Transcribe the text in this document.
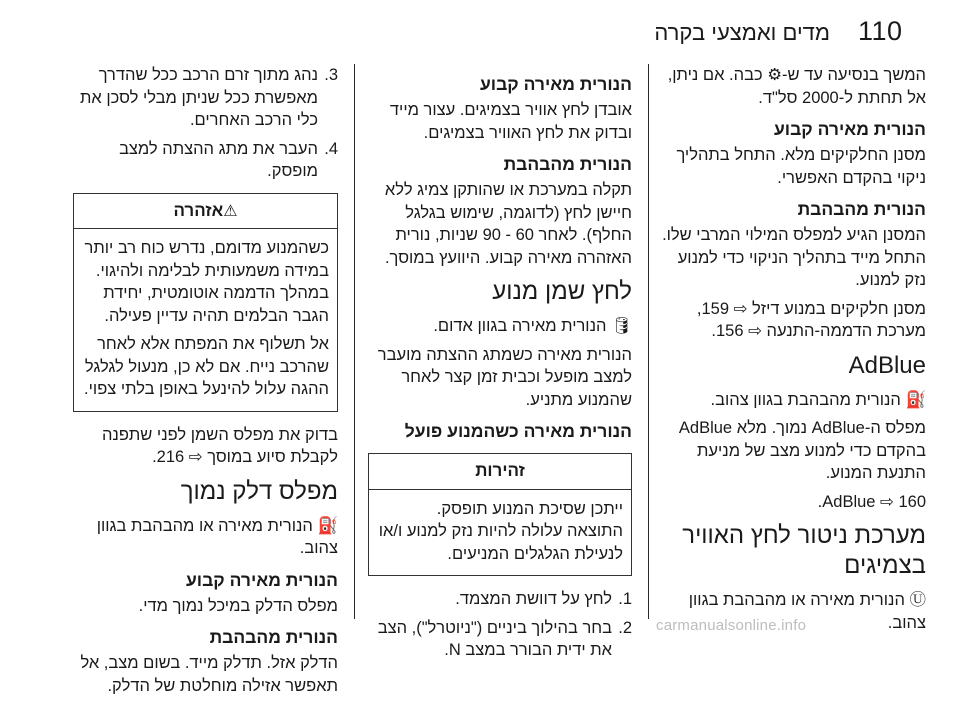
110
מדים ואמצעי בקרה

המשך בנסיעה עד ש-⚙ כבה. אם ניתן, אל תחתת ל-2000 סל"ד.

הנורית מאירה קבוע

מסנן החלקיקים מלא. התחל בתהליך ניקוי בהקדם האפשרי.

הנורית מהבהבת

המסנן הגיע למפלס המילוי המרבי שלו. התחל מייד בתהליך הניקוי כדי למנוע נזק למנוע.

מסנן חלקיקים במנוע דיזל ⇨ 159, מערכת הדממה-התנעה ⇨ 156.

AdBlue

⛽ הנורית מהבהבת בגוון צהוב.

מפלס ה-AdBlue נמוך. מלא AdBlue בהקדם כדי למנוע מצב של מניעת התנעת המנוע.

AdBlue ⇨ 160.

מערכת ניטור לחץ האוויר בצמיגים

Ⓤ הנורית מאירה או מהבהבת בגוון צהוב.

הנורית מאירה קבוע

אובדן לחץ אוויר בצמיגים. עצור מייד ובדוק את לחץ האוויר בצמיגים.

הנורית מהבהבת

תקלה במערכת או שהותקן צמיג ללא חיישן לחץ (לדוגמה, שימוש בגלגל החלף). לאחר 60 - 90 שניות, נורית האזהרה מאירה קבוע. היוועץ במוסך.

לחץ שמן מנוע

🛢 הנורית מאירה בגוון אדום.

הנורית מאירה כשמתג ההצתה מועבר למצב מופעל וכבית זמן קצר לאחר שהמנוע מתניע.

הנורית מאירה כשהמנוע פועל
זהירות

ייתכן שסיכת המנוע תופסק. התוצאה עלולה להיות נזק למנוע ו/או לנעילת הגלגלים המניעים.

1.
לחץ על דוושת המצמד.
2.
בחר בהילוך ביניים ("ניוטרל"), הצב את ידית הבורר במצב N.
3.
נהג מתוך זרם הרכב ככל שהדרך מאפשרת ככל שניתן מבלי לסכן את כלי הרכב האחרים.
4.
העבר את מתג ההצתה למצב מופסק.
⚠אזהרה

כשהמנוע מדומם, נדרש כוח רב יותר במידה משמעותית לבלימה ולהיגוי. במהלך הדממה אוטומטית, יחידת הגבר הבלמים תהיה עדיין פעילה.

אל תשלוף את המפתח אלא לאחר שהרכב נייח. אם לא כן, מנעול לגלגל ההגה עלול להינעל באופן בלתי צפוי.

בדוק את מפלס השמן לפני שתפנה לקבלת סיוע במוסך ⇨ 216.

מפלס דלק נמוך

⛽ הנורית מאירה או מהבהבת בגוון צהוב.

הנורית מאירה קבוע

מפלס הדלק במיכל נמוך מדי.

הנורית מהבהבת

הדלק אזל. תדלק מייד. בשום מצב, אל תאפשר אזילה מוחלטת של הדלק.

carmanualsonline.info
